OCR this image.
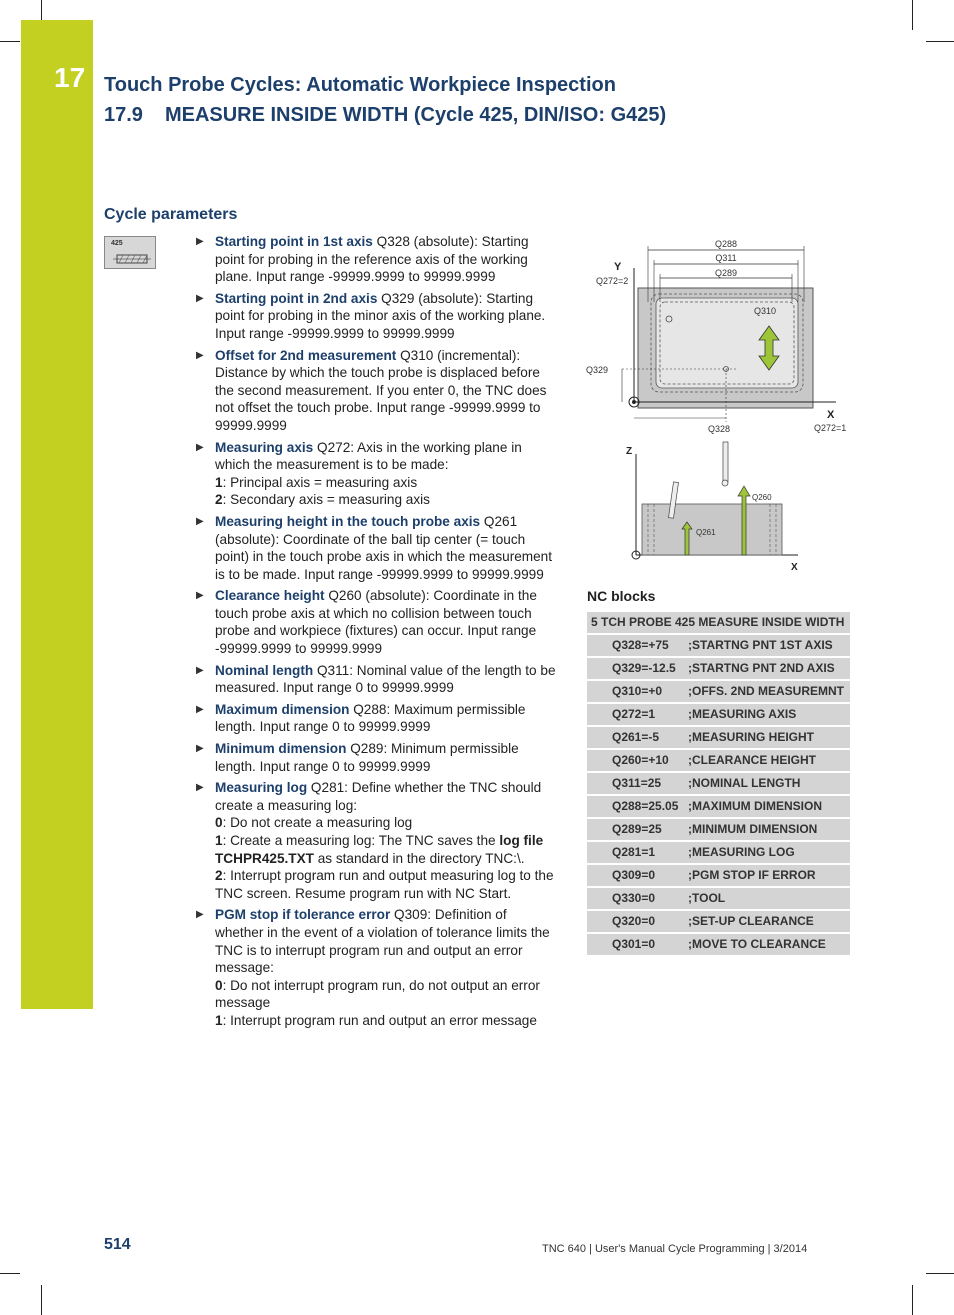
17 Touch Probe Cycles: Automatic Workpiece Inspection
17.9 MEASURE INSIDE WIDTH (Cycle 425, DIN/ISO: G425)
Cycle parameters
425	▶ Starting point in 1st axis Q328 (absolute): Starting point for probing in the reference axis of the working plane. Input range -99999.9999 to 99999.9999
▶ Starting point in 2nd axis Q329 (absolute): Starting point for probing in the minor axis of the working plane. Input range -99999.9999 to 99999.9999
▶ Offset for 2nd measurement Q310 (incremental): Distance by which the touch probe is displaced before the second measurement. If you enter 0, the TNC does not offset the touch probe. Input range -99999.9999 to 99999.9999
▶ Measuring axis Q272: Axis in the working plane in which the measurement is to be made:
1: Principal axis = measuring axis
2: Secondary axis = measuring axis
▶ Measuring height in the touch probe axis Q261 (absolute): Coordinate of the ball tip center (= touch point) in the touch probe axis in which the measurement is to be made. Input range -99999.9999 to 99999.9999
▶ Clearance height Q260 (absolute): Coordinate in the touch probe axis at which no collision between touch probe and workpiece (fixtures) can occur. Input range -99999.9999 to 99999.9999
▶ Nominal length Q311: Nominal value of the length to be measured. Input range 0 to 99999.9999
▶ Maximum dimension Q288: Maximum permissible length. Input range 0 to 99999.9999
▶ Minimum dimension Q289: Minimum permissible length. Input range 0 to 99999.9999
▶ Measuring log Q281: Define whether the TNC should create a measuring log:
0: Do not create a measuring log
1: Create a measuring log: The TNC saves the log file TCHPR425.TXT as standard in the directory TNC:\.
2: Interrupt program run and output measuring log to the TNC screen. Resume program run with NC Start.
▶ PGM stop if tolerance error Q309: Definition of whether in the event of a violation of tolerance limits the TNC is to interrupt program run and output an error message:
0: Do not interrupt program run, do not output an error message
1: Interrupt program run and output an error message
Q288
Q311
Q289
Y
X
Q272=2
Q272=1
Q310
Q329
Q328
Z
X
Q261
Q260
NC blocks
5 TCH PROBE 425 MEASURE INSIDE WIDTH	
Q328=+75	;STARTNG PNT 1ST AXIS
Q329=-12.5	;STARTNG PNT 2ND AXIS
Q310=+0	;OFFS. 2ND MEASUREMNT
Q272=1	;MEASURING AXIS
Q261=-5	;MEASURING HEIGHT
Q260=+10	;CLEARANCE HEIGHT
Q311=25	;NOMINAL LENGTH
Q288=25.05	;MAXIMUM DIMENSION
Q289=25	;MINIMUM DIMENSION
Q281=1	;MEASURING LOG
Q309=0	;PGM STOP IF ERROR
Q330=0	;TOOL
Q320=0	;SET-UP CLEARANCE
Q301=0	;MOVE TO CLEARANCE
514	TNC 640 | User's Manual Cycle Programming | 3/2014
